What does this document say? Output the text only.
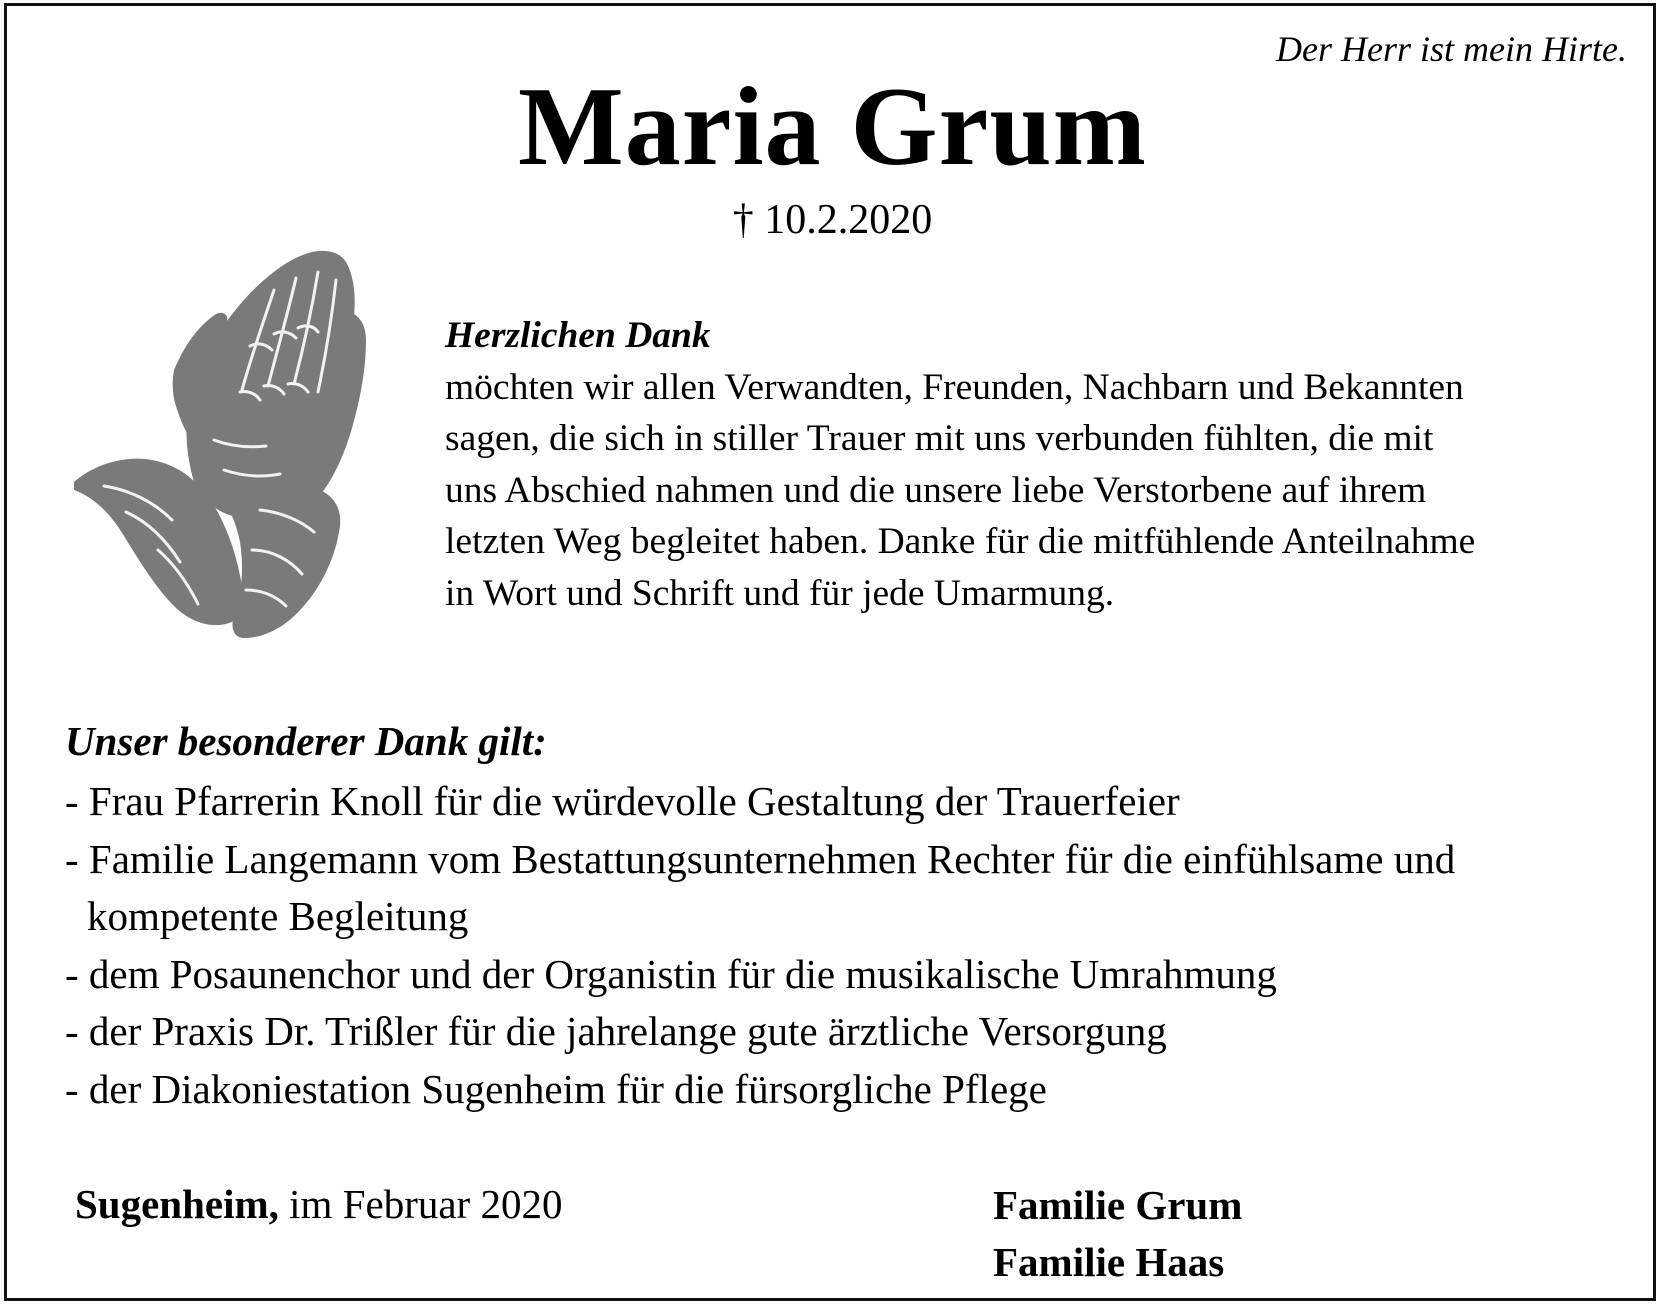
Der Herr ist mein Hirte.
Maria Grum
† 10.2.2020
Herzlichen Dank
möchten wir allen Verwandten, Freunden, Nachbarn und Bekannten
sagen, die sich in stiller Trauer mit uns verbunden fühlten, die mit
uns Abschied nahmen und die unsere liebe Verstorbene auf ihrem
letzten Weg begleitet haben. Danke für die mitfühlende Anteilnahme
in Wort und Schrift und für jede Umarmung.
Unser besonderer Dank gilt:
- Frau Pfarrerin Knoll für die würdevolle Gestaltung der Trauerfeier
- Familie Langemann vom Bestattungsunternehmen Rechter für die einfühlsame und kompetente Begleitung
- dem Posaunenchor und der Organistin für die musikalische Umrahmung
- der Praxis Dr. Trißler für die jahrelange gute ärztliche Versorgung
- der Diakoniestation Sugenheim für die fürsorgliche Pflege
Sugenheim, im Februar 2020	Familie Grum
Familie Haas
